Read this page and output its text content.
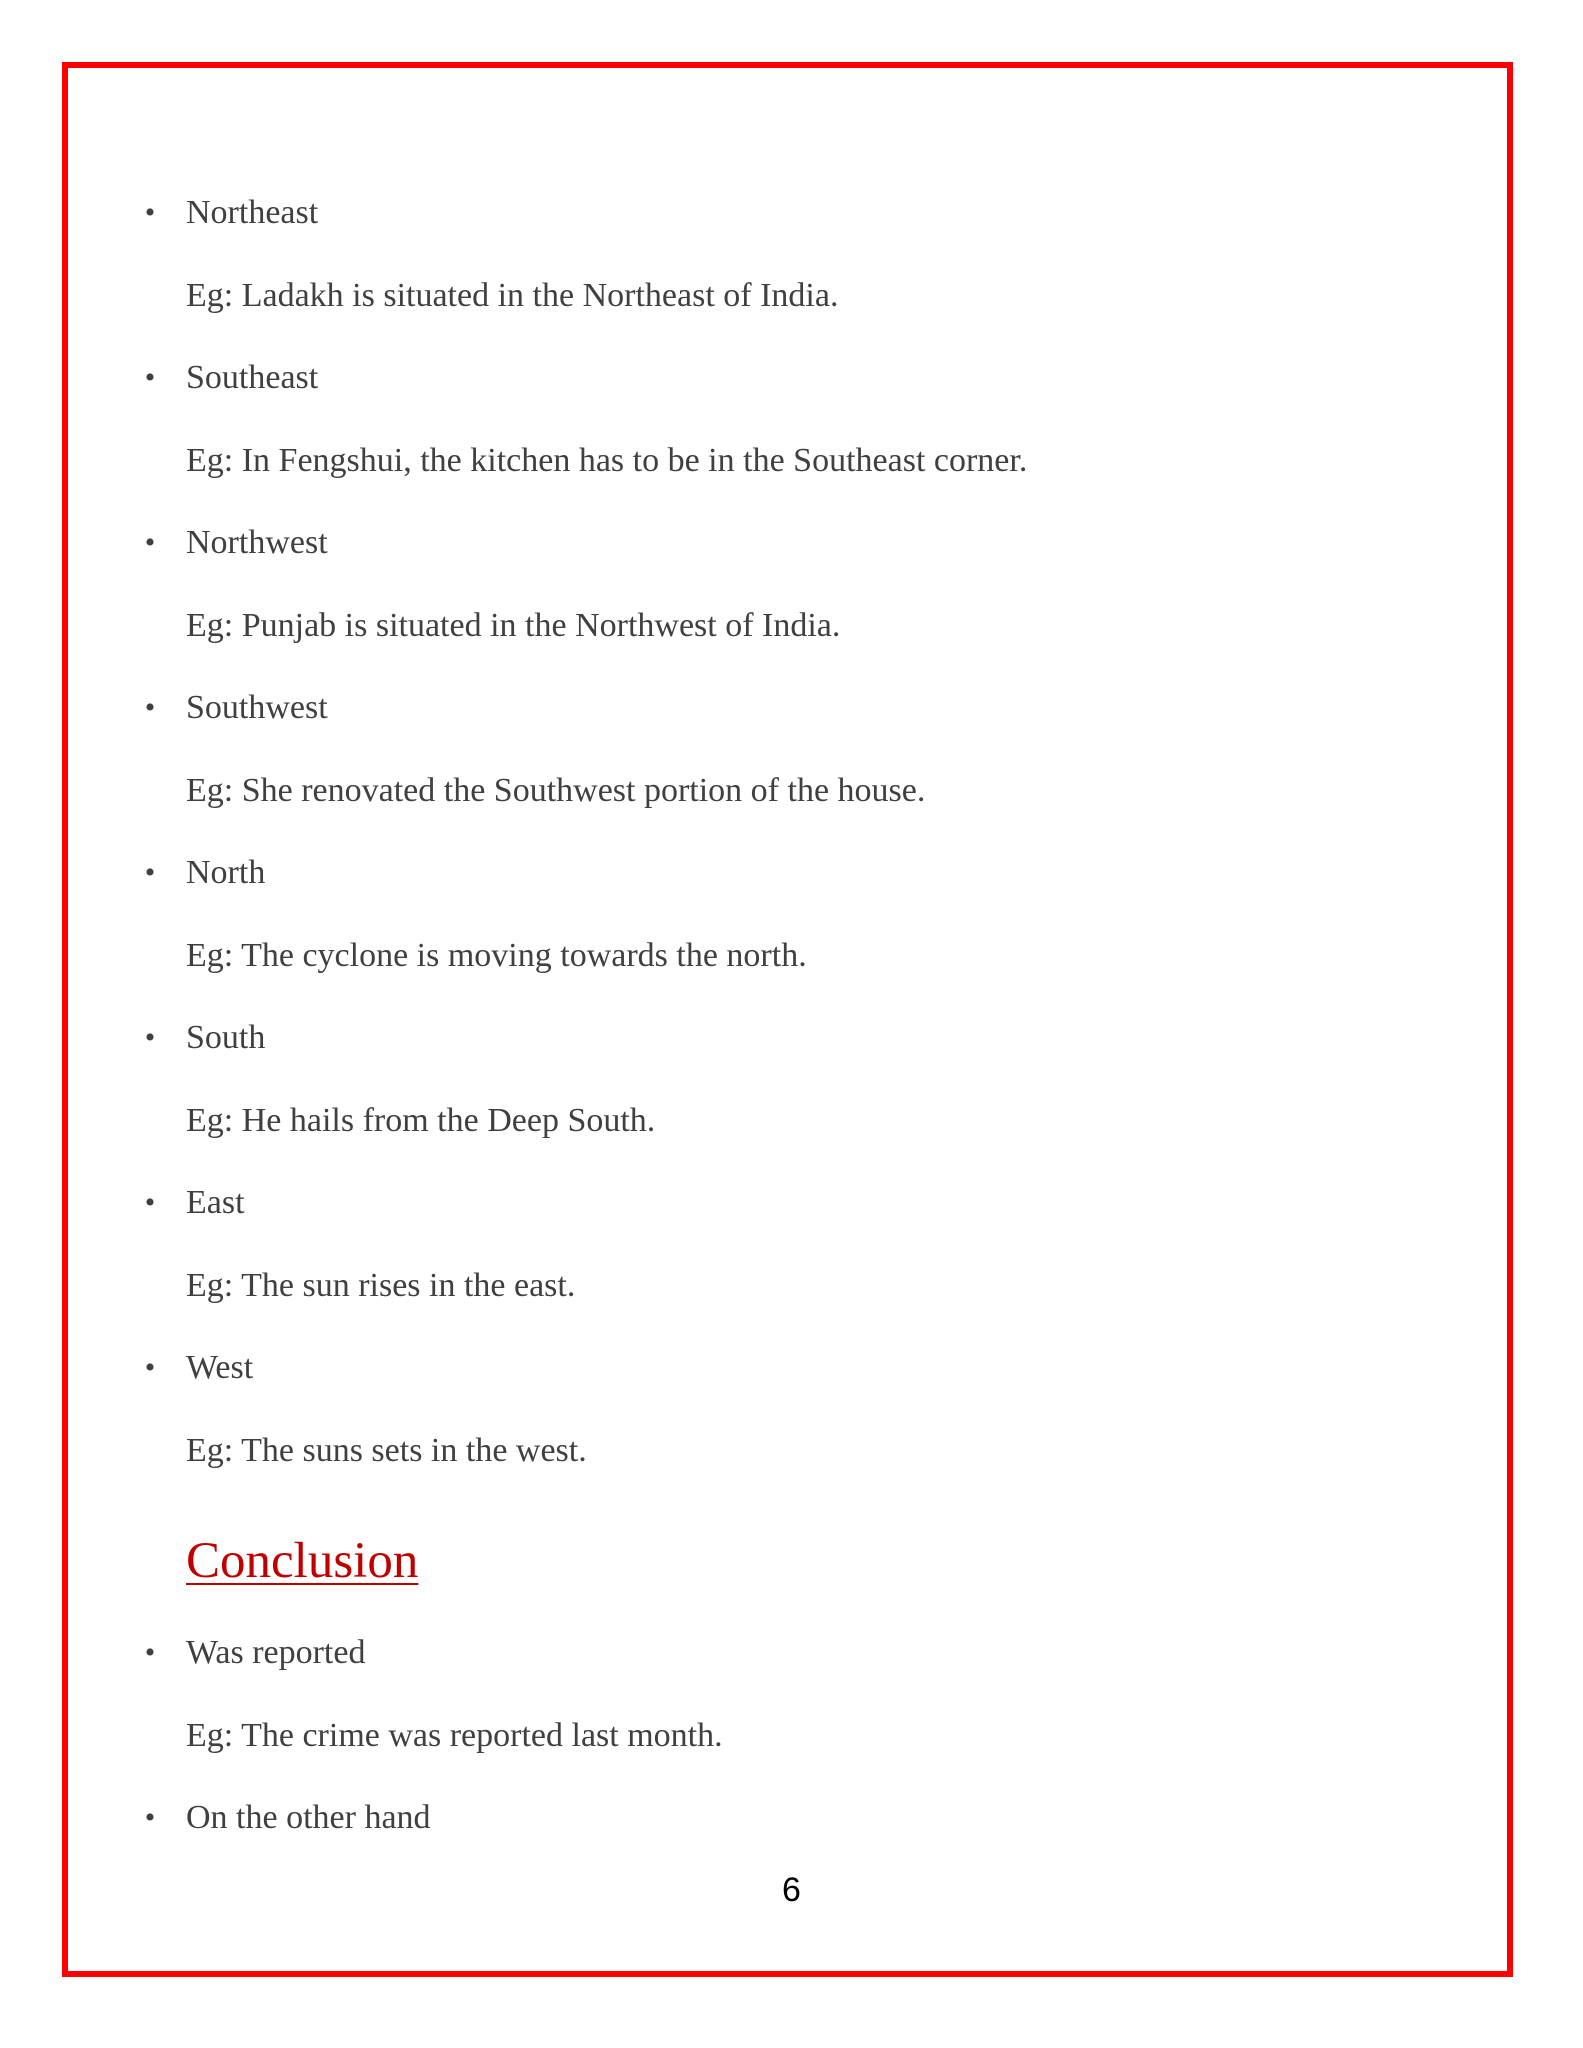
• Northeast
Eg: Ladakh is situated in the Northeast of India.
• Southeast
Eg: In Fengshui, the kitchen has to be in the Southeast corner.
• Northwest
Eg: Punjab is situated in the Northwest of India.
• Southwest
Eg: She renovated the Southwest portion of the house.
• North
Eg: The cyclone is moving towards the north.
• South
Eg: He hails from the Deep South.
• East
Eg: The sun rises in the east.
• West
Eg: The suns sets in the west.
Conclusion
• Was reported
Eg: The crime was reported last month.
• On the other hand
6
